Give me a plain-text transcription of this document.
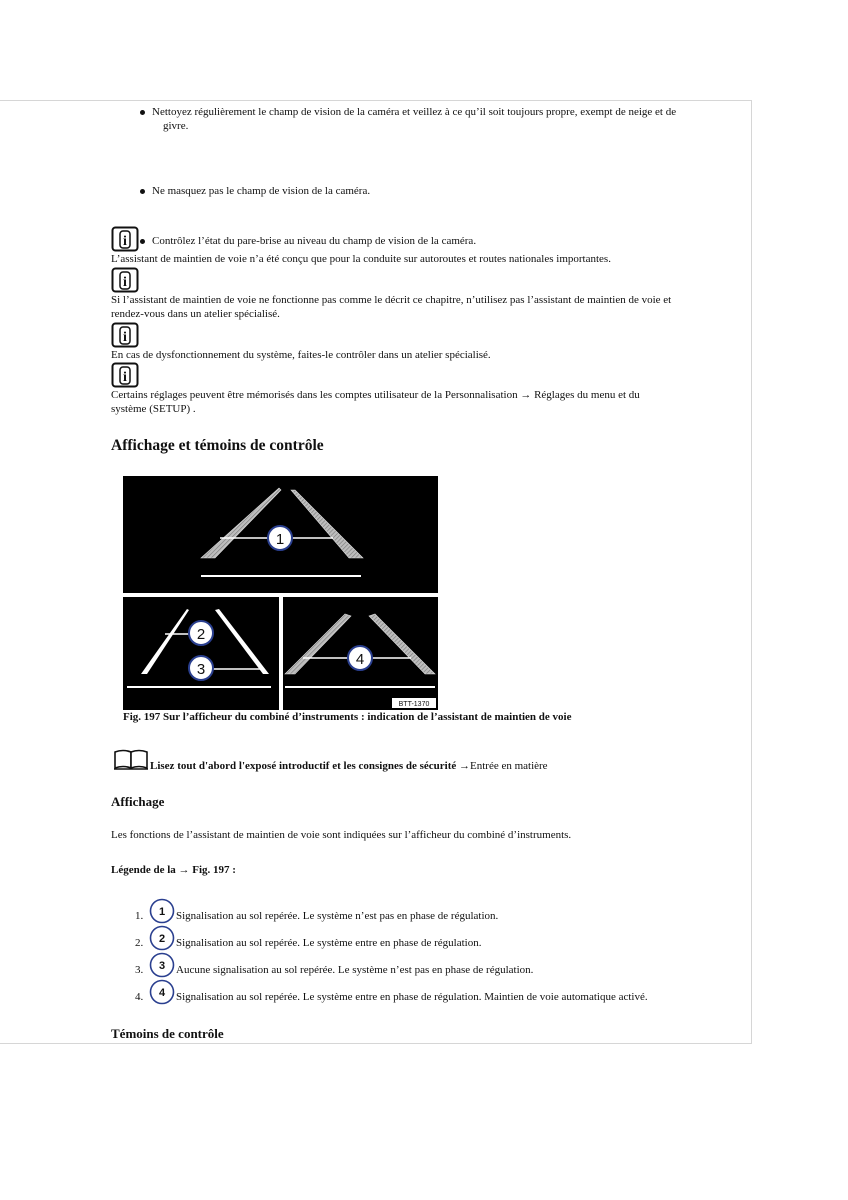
Nettoyez régulièrement le champ de vision de la caméra et veillez à ce qu’il soit toujours propre, exempt de neige et de
givre.
Ne masquez pas le champ de vision de la caméra.
Contrôlez l’état du pare-brise au niveau du champ de vision de la caméra.
i
L’assistant de maintien de voie n’a été conçu que pour la conduite sur autoroutes et routes nationales importantes.
i
Si l’assistant de maintien de voie ne fonctionne pas comme le décrit ce chapitre, n’utilisez pas l’assistant de maintien de voie et
rendez-vous dans un atelier spécialisé.
i
En cas de dysfonctionnement du système, faites-le contrôler dans un atelier spécialisé.
i
Certains réglages peuvent être mémorisés dans les comptes utilisateur de la Personnalisation → Réglages du menu et du
système (SETUP) .
Affichage et témoins de contrôle
1
2
3
4
BTT-1370
Fig. 197 Sur l’afficheur du combiné d’instruments : indication de l’assistant de maintien de voie
Lisez tout d'abord l'exposé introductif et les consignes de sécurité →Entrée en matière
Affichage
Les fonctions de l’assistant de maintien de voie sont indiquées sur l’afficheur du combiné d’instruments.
Légende de la → Fig. 197 :
1.	1 Signalisation au sol repérée. Le système n’est pas en phase de régulation.
2.	2 Signalisation au sol repérée. Le système entre en phase de régulation.
3.	3 Aucune signalisation au sol repérée. Le système n’est pas en phase de régulation.
4.	4 Signalisation au sol repérée. Le système entre en phase de régulation. Maintien de voie automatique activé.
Témoins de contrôle
